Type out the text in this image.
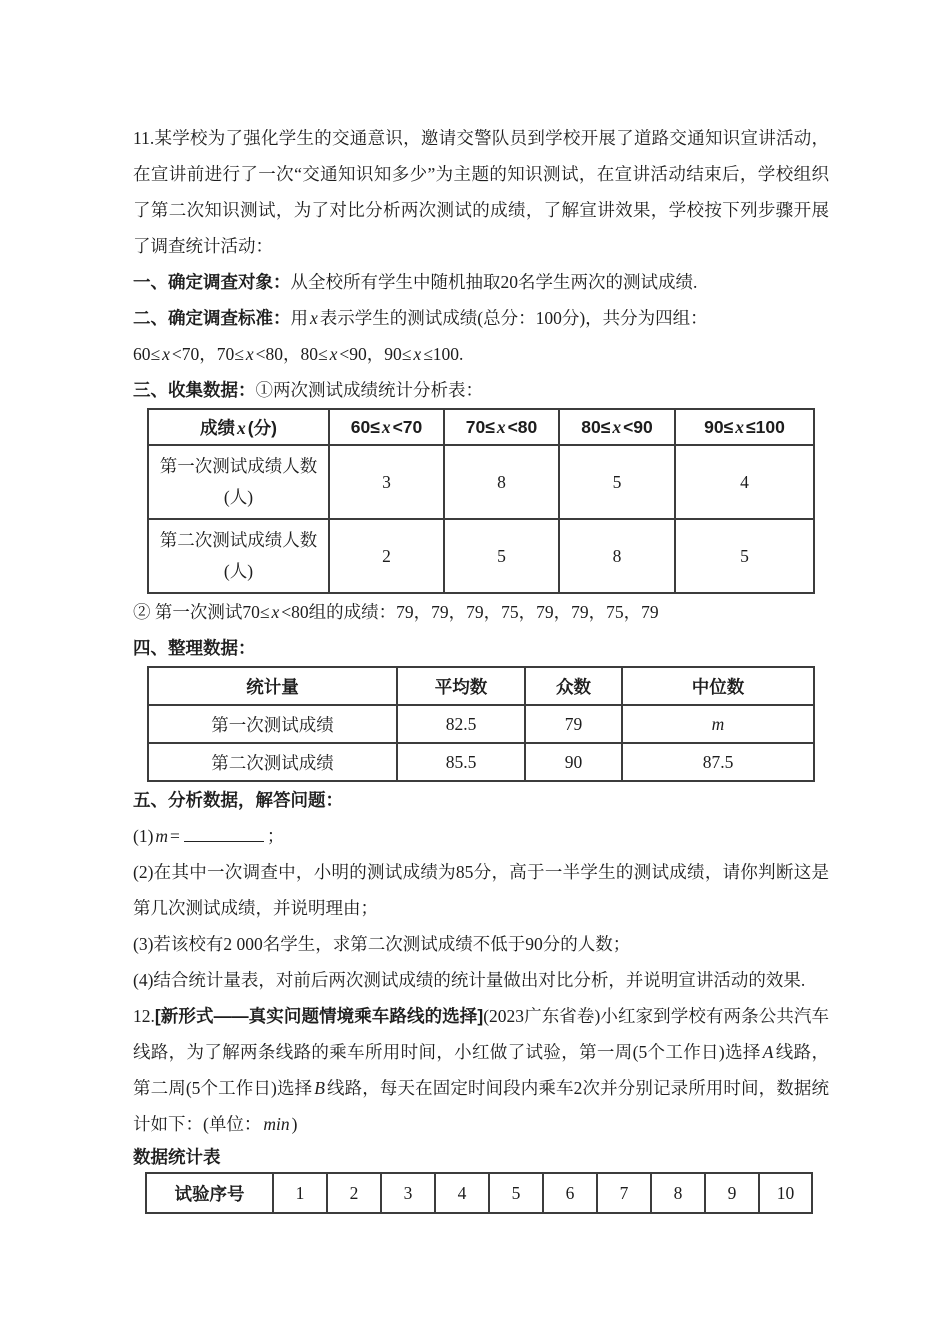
11.某学校为了强化学生的交通意识，邀请交警队员到学校开展了道路交通知识宣讲活动，在宣讲前进行了一次“交通知识知多少”为主题的知识测试，在宣讲活动结束后，学校组织了第二次知识测试，为了对比分析两次测试的成绩，了解宣讲效果，学校按下列步骤开展了调查统计活动：

一、确定调查对象：从全校所有学生中随机抽取20名学生两次的测试成绩.

二、确定调查标准：用 x 表示学生的测试成绩(总分：100分)，共分为四组：

60≤ x <70，70≤ x <80，80≤ x <90，90≤ x ≤100.

三、收集数据：①两次测试成绩统计分析表：

成绩 x (分)	60≤ x <70	70≤ x <80	80≤ x <90	90≤ x ≤100

第一次测试成绩人数
(人)	3	8	5	4

第二次测试成绩人数
(人)	2	5	8	5

② 第一次测试70≤ x <80组的成绩：79，79，79，75，79，79，75，79

四、整理数据：

统计量	平均数	众数	中位数
第一次测试成绩	82.5	79	m
第二次测试成绩	85.5	90	87.5

五、分析数据，解答问题：

(1) m =	；

(2)在其中一次调查中，小明的测试成绩为85分，高于一半学生的测试成绩，请你判断这是第几次测试成绩，并说明理由；

(3)若该校有2 000名学生，求第二次测试成绩不低于90分的人数；

(4)结合统计量表，对前后两次测试成绩的统计量做出对比分析，并说明宣讲活动的效果.

12.[新形式——真实问题情境乘车路线的选择](2023广东省卷)小红家到学校有两条公共汽车线路，为了解两条线路的乘车所用时间，小红做了试验，第一周(5个工作日)选择 A 线路，第二周(5个工作日)选择 B 线路，每天在固定时间段内乘车2次并分别记录所用时间，数据统计如下：(单位： min )

数据统计表

试验序号	1	2	3	4	5	6	7	8	9	10
